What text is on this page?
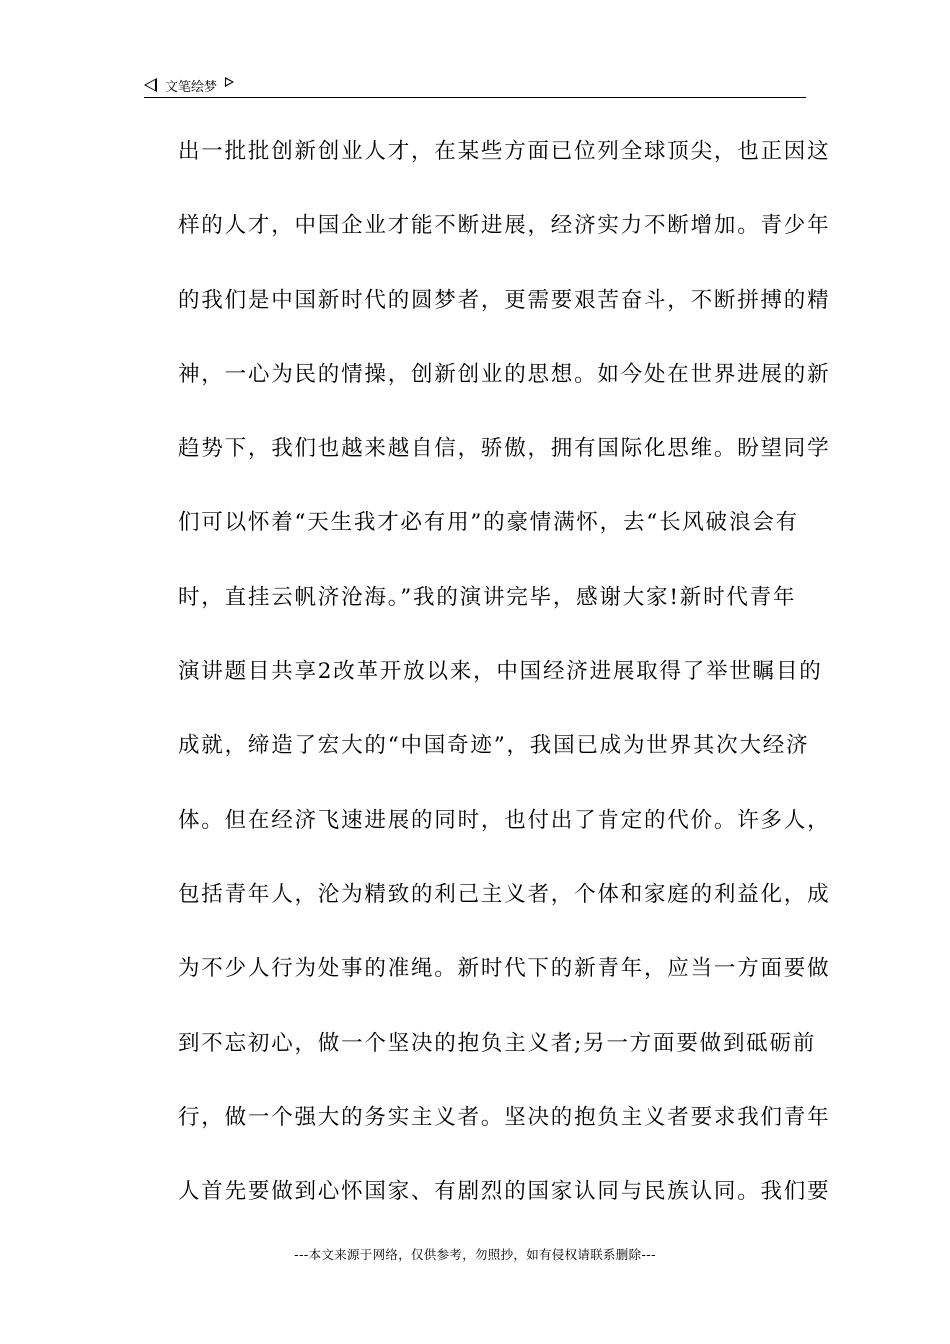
文笔绘梦
出一批批创新创业人才，在某些方面已位列全球顶尖，也正因这
样的人才，中国企业才能不断进展，经济实力不断增加。青少年
的我们是中国新时代的圆梦者，更需要艰苦奋斗，不断拼搏的精
神，一心为民的情操，创新创业的思想。如今处在世界进展的新
趋势下，我们也越来越自信，骄傲，拥有国际化思维。盼望同学
们可以怀着“天生我才必有用”的豪情满怀，去“长风破浪会有
时，直挂云帆济沧海。”我的演讲完毕，感谢大家!新时代青年
演讲题目共享2改革开放以来，中国经济进展取得了举世瞩目的
成就，缔造了宏大的“中国奇迹”，我国已成为世界其次大经济
体。但在经济飞速进展的同时，也付出了肯定的代价。许多人，
包括青年人，沦为精致的利己主义者，个体和家庭的利益化，成
为不少人行为处事的准绳。新时代下的新青年，应当一方面要做
到不忘初心，做一个坚决的抱负主义者;另一方面要做到砥砺前
行，做一个强大的务实主义者。坚决的抱负主义者要求我们青年
人首先要做到心怀国家、有剧烈的国家认同与民族认同。我们要
---本文来源于网络，仅供参考，勿照抄，如有侵权请联系删除---
